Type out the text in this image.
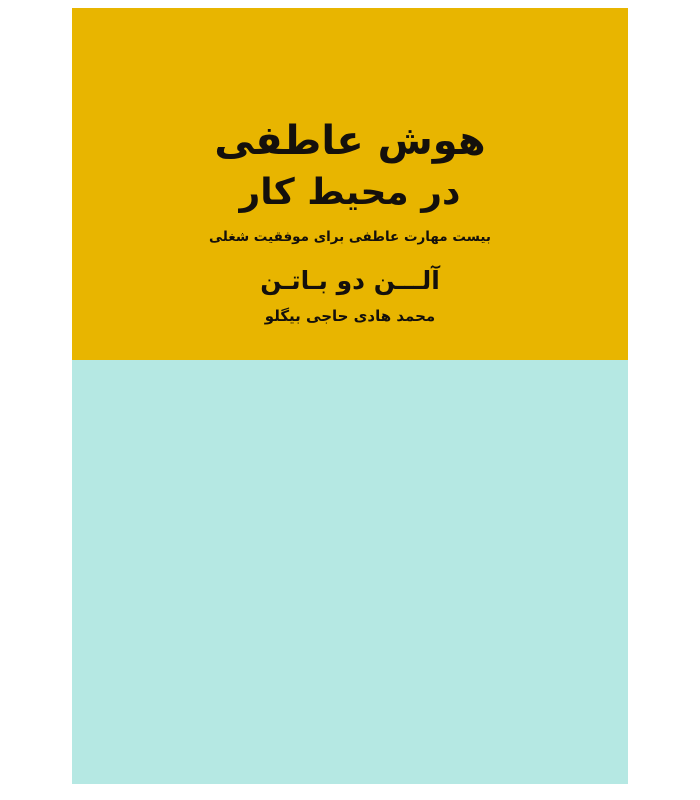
هوش عاطفی
در محیط کار

بیست مهارت عاطفی برای موفقیت شغلی

آلـــن دو بـاتـن

محمد هادی حاجی بیگلو
